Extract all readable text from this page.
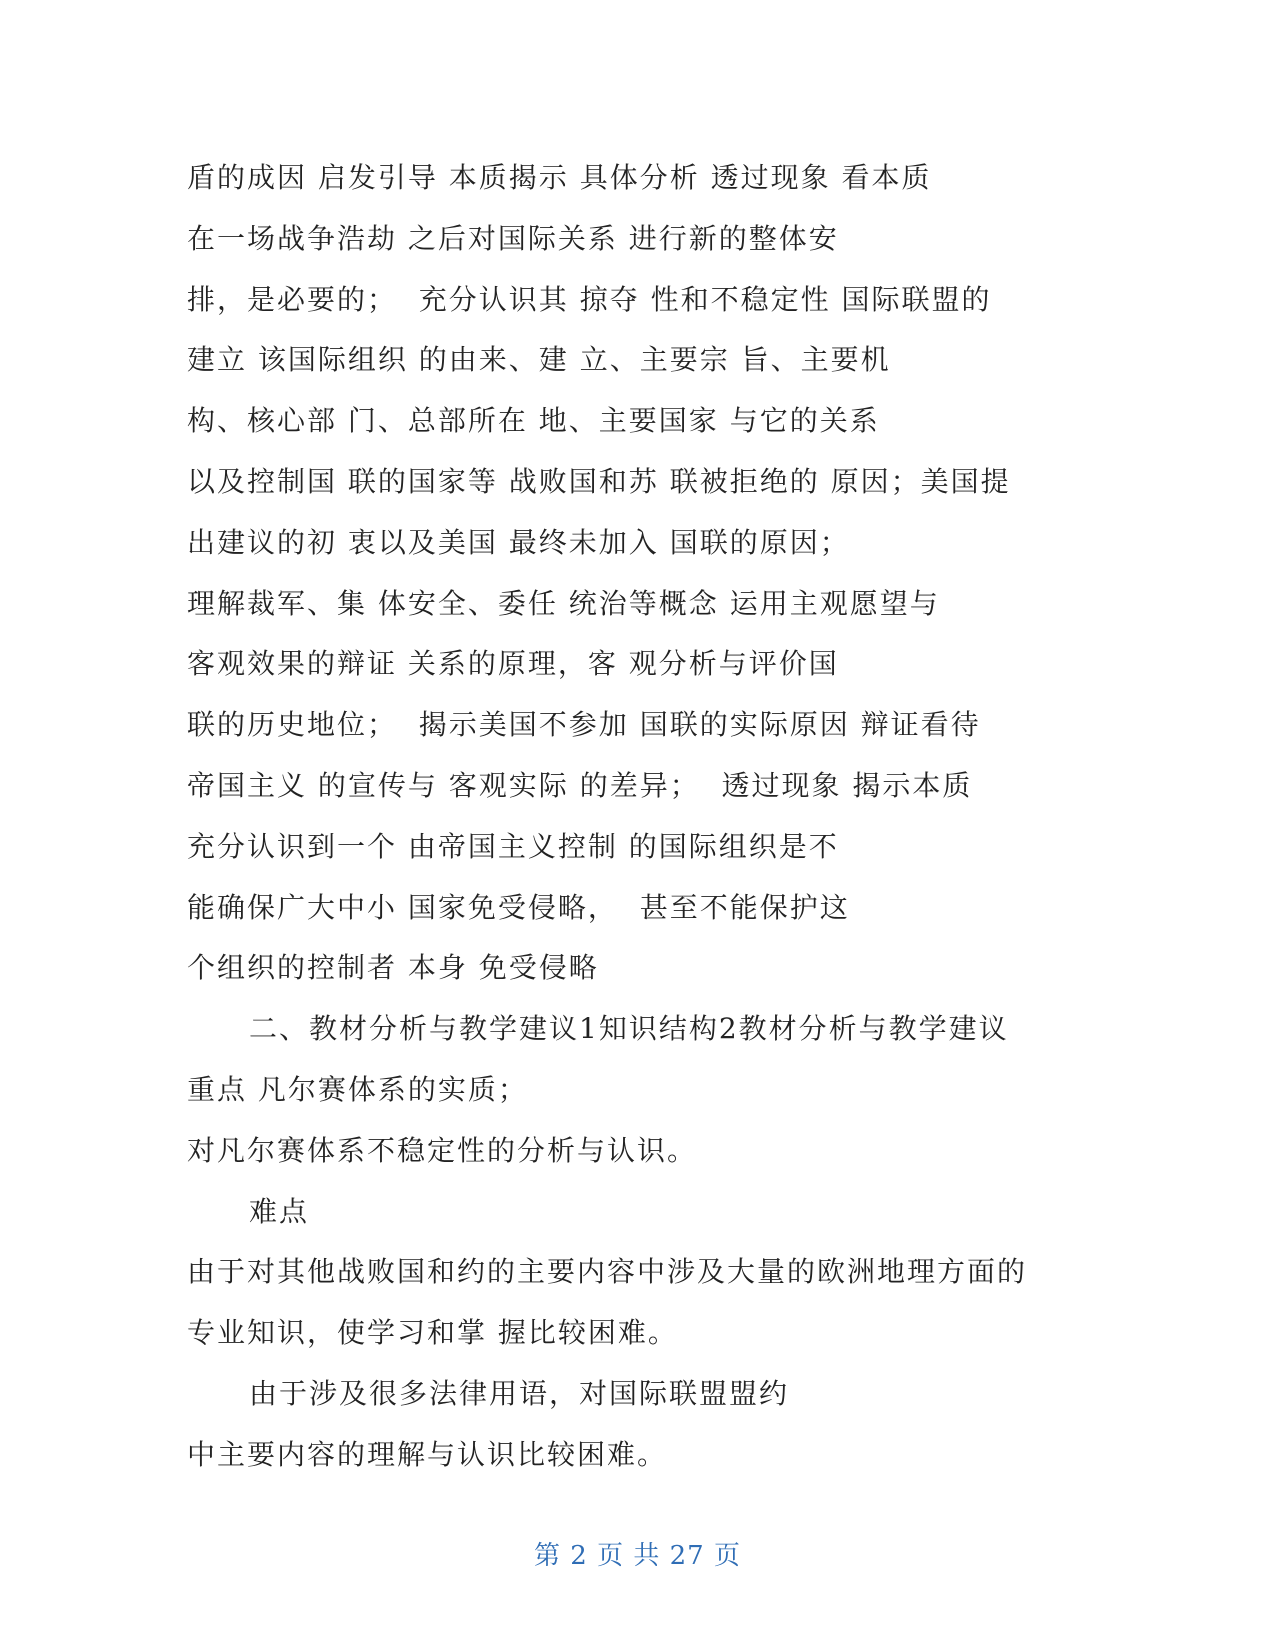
盾的成因 启发引导 本质揭示 具体分析 透过现象 看本质
在一场战争浩劫 之后对国际关系 进行新的整体安
排，是必要的；  充分认识其 掠夺 性和不稳定性 国际联盟的
建立 该国际组织 的由来、建 立、主要宗 旨、主要机
构、核心部 门、总部所在 地、主要国家 与它的关系
以及控制国 联的国家等 战败国和苏 联被拒绝的 原因；美国提
出建议的初 衷以及美国 最终未加入 国联的原因；
理解裁军、集 体安全、委任 统治等概念 运用主观愿望与
客观效果的辩证 关系的原理，客 观分析与评价国
联的历史地位；  揭示美国不参加 国联的实际原因 辩证看待
帝国主义 的宣传与 客观实际 的差异；  透过现象 揭示本质
充分认识到一个 由帝国主义控制 的国际组织是不
能确保广大中小 国家免受侵略，  甚至不能保护这
个组织的控制者 本身 免受侵略
二、教材分析与教学建议1知识结构2教材分析与教学建议
重点 凡尔赛体系的实质；
对凡尔赛体系不稳定性的分析与认识。
难点
由于对其他战败国和约的主要内容中涉及大量的欧洲地理方面的
专业知识，使学习和掌 握比较困难。
由于涉及很多法律用语，对国际联盟盟约
中主要内容的理解与认识比较困难。
第 2 页 共 27 页
